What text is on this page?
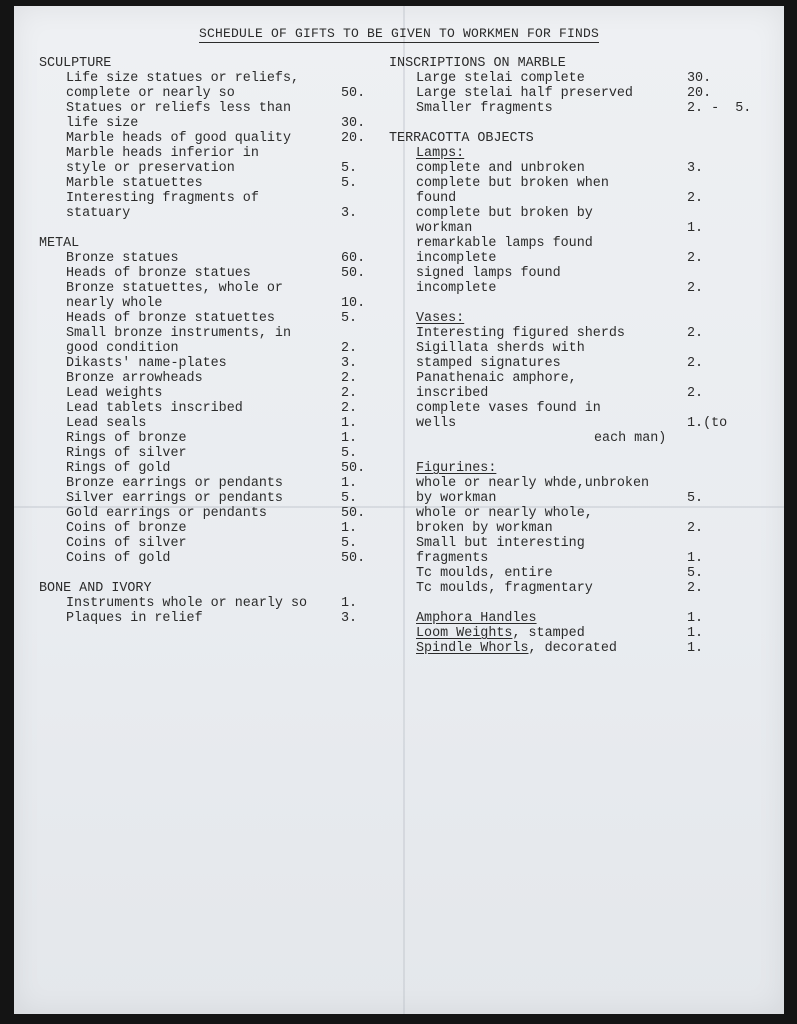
SCHEDULE OF GIFTS TO BE GIVEN TO WORKMEN FOR FINDS
SCULPTURE
Life size statues or reliefs,
complete or nearly so	50.
Statues or reliefs less than
life size	30.
Marble heads of good quality	20.
Marble heads inferior in
style or preservation	5.
Marble statuettes	5.
Interesting fragments of
statuary	3.
METAL
Bronze statues	60.
Heads of bronze statues	50.
Bronze statuettes, whole or
nearly whole	10.
Heads of bronze statuettes	5.
Small bronze instruments, in
good condition	2.
Dikasts' name-plates	3.
Bronze arrowheads	2.
Lead weights	2.
Lead tablets inscribed	2.
Lead seals	1.
Rings of bronze	1.
Rings of silver	5.
Rings of gold	50.
Bronze earrings or pendants	1.
Silver earrings or pendants	5.
Gold earrings or pendants	50.
Coins of bronze	1.
Coins of silver	5.
Coins of gold	50.
BONE AND IVORY
Instruments whole or nearly so	1.
Plaques in relief	3.
INSCRIPTIONS ON MARBLE
Large stelai complete	30.
Large stelai half preserved	20.
Smaller fragments	2. -  5.
TERRACOTTA OBJECTS
Lamps:
complete and unbroken	3.
complete but broken when
found	2.
complete but broken by
workman	1.
remarkable lamps found
incomplete	2.
signed lamps found
incomplete	2.
Vases:
Interesting figured sherds	2.
Sigillata sherds with
stamped signatures	2.
Panathenaic amphore,
inscribed	2.
complete vases found in
wells	1.(to
each man)
Figurines:
whole or nearly whde,unbroken
by workman	5.
whole or nearly whole,
broken by workman	2.
Small but interesting
fragments	1.
Tc moulds, entire	5.
Tc moulds, fragmentary	2.
Amphora Handles	1.
Loom Weights, stamped	1.
Spindle Whorls, decorated	1.
